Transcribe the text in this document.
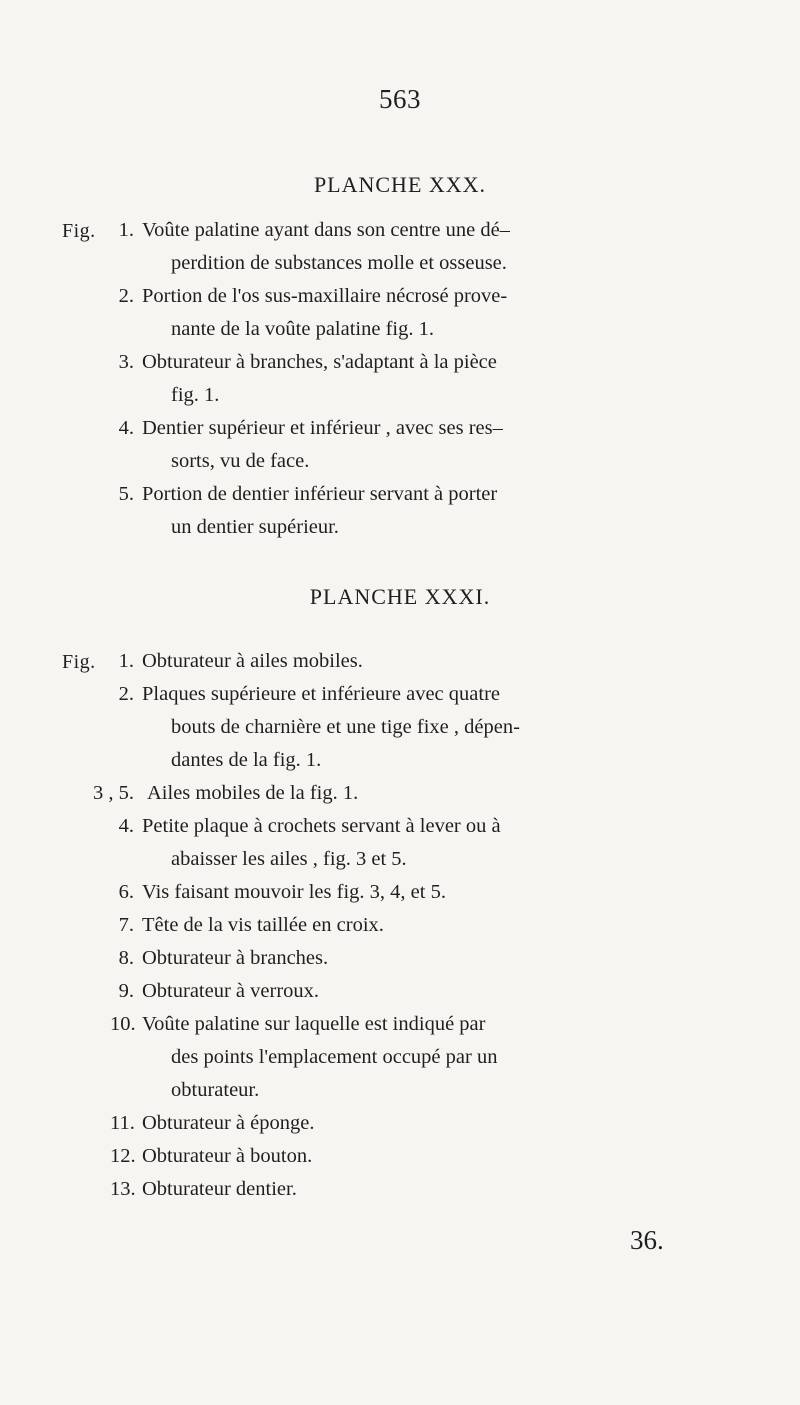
563
PLANCHE XXX.
Fig.	1. Voûte palatine ayant dans son centre une dé–
perdition de substances molle et osseuse.
2. Portion de l'os sus-maxillaire nécrosé prove-
nante de la voûte palatine fig. 1.
3. Obturateur à branches, s'adaptant à la pièce
fig. 1.
4. Dentier supérieur et inférieur , avec ses res–
sorts, vu de face.
5. Portion de dentier inférieur servant à porter
un dentier supérieur.
PLANCHE XXXI.
Fig.	1. Obturateur à ailes mobiles.
2. Plaques supérieure et inférieure avec quatre
bouts de charnière et une tige fixe , dépen-
dantes de la fig. 1.
3 , 5. Ailes mobiles de la fig. 1.
4. Petite plaque à crochets servant à lever ou à
abaisser les ailes , fig. 3 et 5.
6. Vis faisant mouvoir les fig. 3, 4, et 5.
7. Tête de la vis taillée en croix.
8. Obturateur à branches.
9. Obturateur à verroux.
10. Voûte palatine sur laquelle est indiqué par
des points l'emplacement occupé par un
obturateur.
11. Obturateur à éponge.
12. Obturateur à bouton.
13. Obturateur dentier.
36.
